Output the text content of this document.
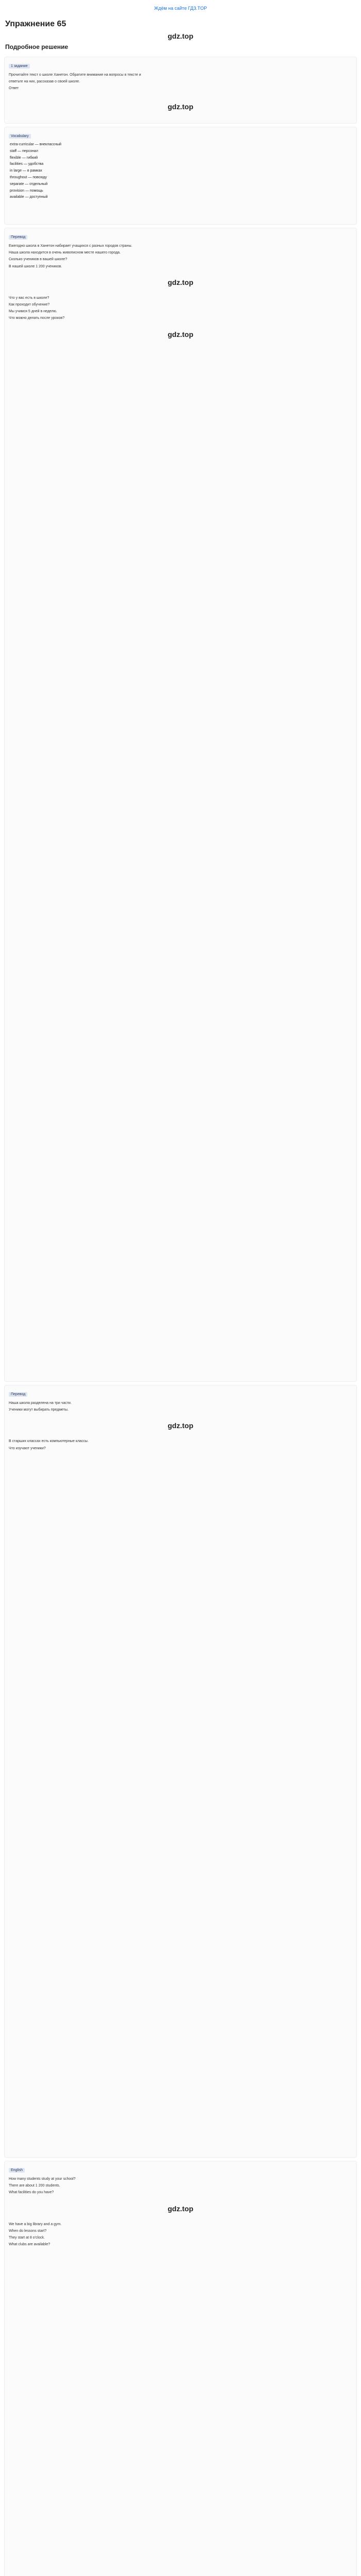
Ждём на сайте ГДЗ.TOP
Упражнение 65
gdz.top
Подробное решение
1 задание

Прочитайте текст о школе Ханетон. Обратите внимание на вопросы в тексте и

ответьте на них, рассказав о своей школе.

Ответ

gdz.top
Vocabulary

extra-curricular — внеклассный

staff — персонал

flexible — гибкий

facilities — удобства

in large — в рамках

throughout — повсюду

separate — отдельный

provision — помощь

available — доступный

Перевод

Ежегодно школа в Ханетон набирает учащихся с разных городов страны.

Наша школа находится в очень живописном месте нашего города.

Сколько учеников в вашей школе?

В нашей школе 1 200 учеников.

gdz.top

Что у вас есть в школе?

Как проходит обучение?

Мы учимся 5 дней в неделю.

Что можно делать после уроков?

gdz.top
Перевод

Наша школа разделена на три части.

Ученики могут выбирать предметы.

gdz.top

В старших классах есть компьютерные классы.

Что изучают ученики?

English

How many students study at your school?

There are about 1 200 students.

What facilities do you have?

gdz.top

We have a big library and a gym.

When do lessons start?

They start at 8 o'clock.

What clubs are available?
